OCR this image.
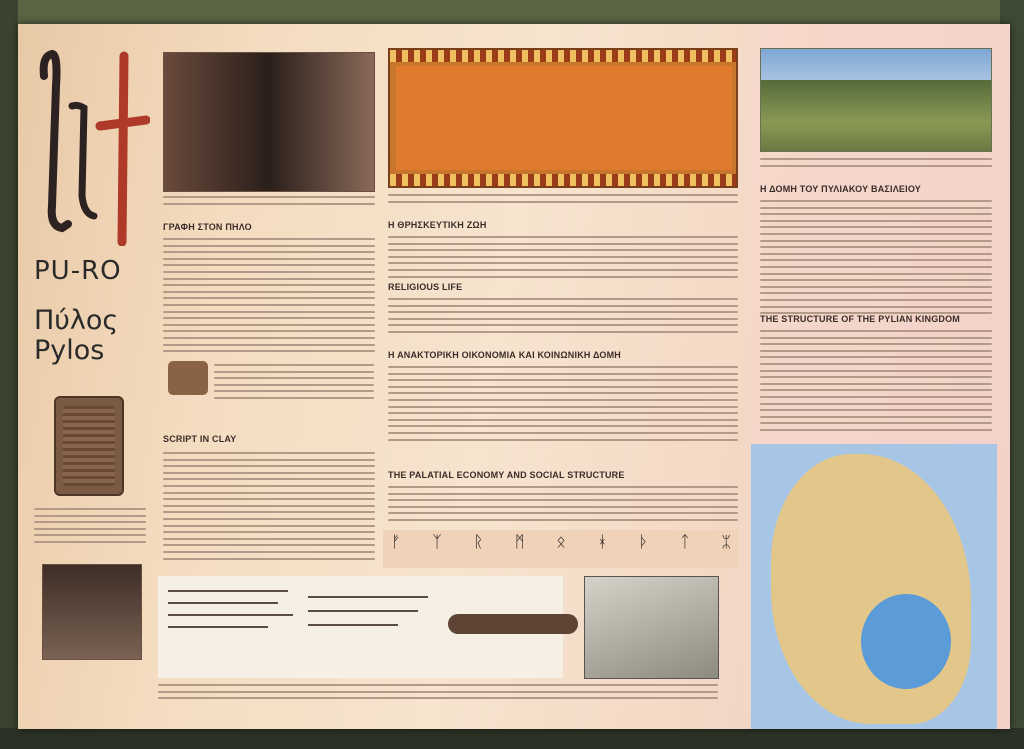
PU-RO
Πύλος
Pylos
ΓΡΑΦΗ ΣΤΟΝ ΠΗΛΟ
SCRIPT IN CLAY
Η ΘΡΗΣΚΕΥΤΙΚΗ ΖΩΗ
RELIGIOUS LIFE
Η ΑΝΑΚΤΟΡΙΚΗ ΟΙΚΟΝΟΜΙΑ ΚΑΙ ΚΟΙΝΩΝΙΚΗ ΔΟΜΗ
THE PALATIAL ECONOMY AND SOCIAL STRUCTURE
ᚠ ᛉ ᚱ ᛗ ᛟ ᚼ ᚦ ᛏ ᛯ
Η ΔΟΜΗ ΤΟΥ ΠΥΛΙΑΚΟΥ ΒΑΣΙΛΕΙΟΥ
THE STRUCTURE OF THE PYLIAN KINGDOM
